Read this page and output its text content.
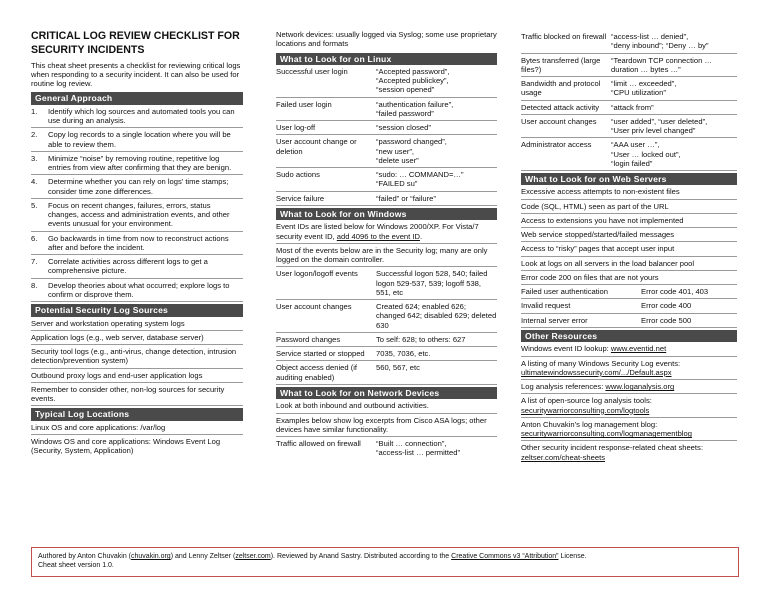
CRITICAL LOG REVIEW CHECKLIST FOR SECURITY INCIDENTS
This cheat sheet presents a checklist for reviewing critical logs when responding to a security incident. It can also be used for routine log review.
General Approach
1.	Identify which log sources and automated tools you can use during an analysis.
2.	Copy log records to a single location where you will be able to review them.
3.	Minimize “noise” by removing routine, repetitive log entries from view after confirming that they are benign.
4.	Determine whether you can rely on logs’ time stamps; consider time zone differences.
5.	Focus on recent changes, failures, errors, status changes, access and administration events, and other events unusual for your environment.
6.	Go backwards in time from now to reconstruct actions after and before the incident.
7.	Correlate activities across different logs to get a comprehensive picture.
8.	Develop theories about what occurred; explore logs to confirm or disprove them.
Potential Security Log Sources
Server and workstation operating system logs
Application logs (e.g., web server, database server)
Security tool logs (e.g., anti-virus, change detection, intrusion detection/prevention system)
Outbound proxy logs and end-user application logs
Remember to consider other, non-log sources for security events.
Typical Log Locations
Linux OS and core applications: /var/log
Windows OS and core applications: Windows Event Log (Security, System, Application)
Network devices: usually logged via Syslog; some use proprietary locations and formats
What to Look for on Linux
Successful user login	“Accepted password”,
“Accepted publickey”,
“session opened”
Failed user login	“authentication failure”,
“failed password”
User log-off	“session closed”
User account change or deletion
“password changed”,
“new user”,
“delete user”
Sudo actions	“sudo: … COMMAND=…”
“FAILED su”
Service failure	“failed” or “failure”
What to Look for on Windows
Event IDs are listed below for Windows 2000/XP. For Vista/7 security event ID, add 4096 to the event ID.
Most of the events below are in the Security log; many are only logged on the domain controller.
User logon/logoff events	Successful logon 528, 540; failed logon 529-537, 539; logoff 538, 551, etc
User account changes	Created 624; enabled 626; changed 642; disabled 629; deleted 630
Password changes	To self: 628; to others: 627
Service started or stopped	7035, 7036, etc.
Object access denied (if auditing enabled)
560, 567, etc
What to Look for on Network Devices
Look at both inbound and outbound activities.
Examples below show log excerpts from Cisco ASA logs; other devices have similar functionality.
Traffic allowed on firewall	“Built … connection”,
“access-list … permitted”
Traffic blocked on firewall “access-list … denied”,
“deny inbound”; “Deny … by”
Bytes transferred (large files?)
“Teardown TCP connection … duration … bytes …”
Bandwidth and protocol usage
“limit … exceeded”,
“CPU utilization”
Detected attack activity	“attack from”
User account changes	“user added”, “user deleted”,
“User priv level changed”
Administrator access	“AAA user …”,
“User … locked out”,
“login failed”
What to Look for on Web Servers
Excessive access attempts to non-existent files
Code (SQL, HTML) seen as part of the URL
Access to extensions you have not implemented
Web service stopped/started/failed messages
Access to “risky” pages that accept user input
Look at logs on all servers in the load balancer pool
Error code 200 on files that are not yours
Failed user authentication	Error code 401, 403
Invalid request	Error code 400
Internal server error	Error code 500
Other Resources
Windows event ID lookup: www.eventid.net
A listing of many Windows Security Log events: ultimatewindowssecurity.com/.../Default.aspx
Log analysis references: www.loganalysis.org
A list of open-source log analysis tools: securitywarriorconsulting.com/logtools
Anton Chuvakin’s log management blog: securitywarriorconsulting.com/logmanagementblog
Other security incident response-related cheat sheets: zeltser.com/cheat-sheets
Authored by Anton Chuvakin (chuvakin.org) and Lenny Zeltser (zeltser.com). Reviewed by Anand Sastry. Distributed according to the Creative Commons v3 “Attribution” License.
Cheat sheet version 1.0.
